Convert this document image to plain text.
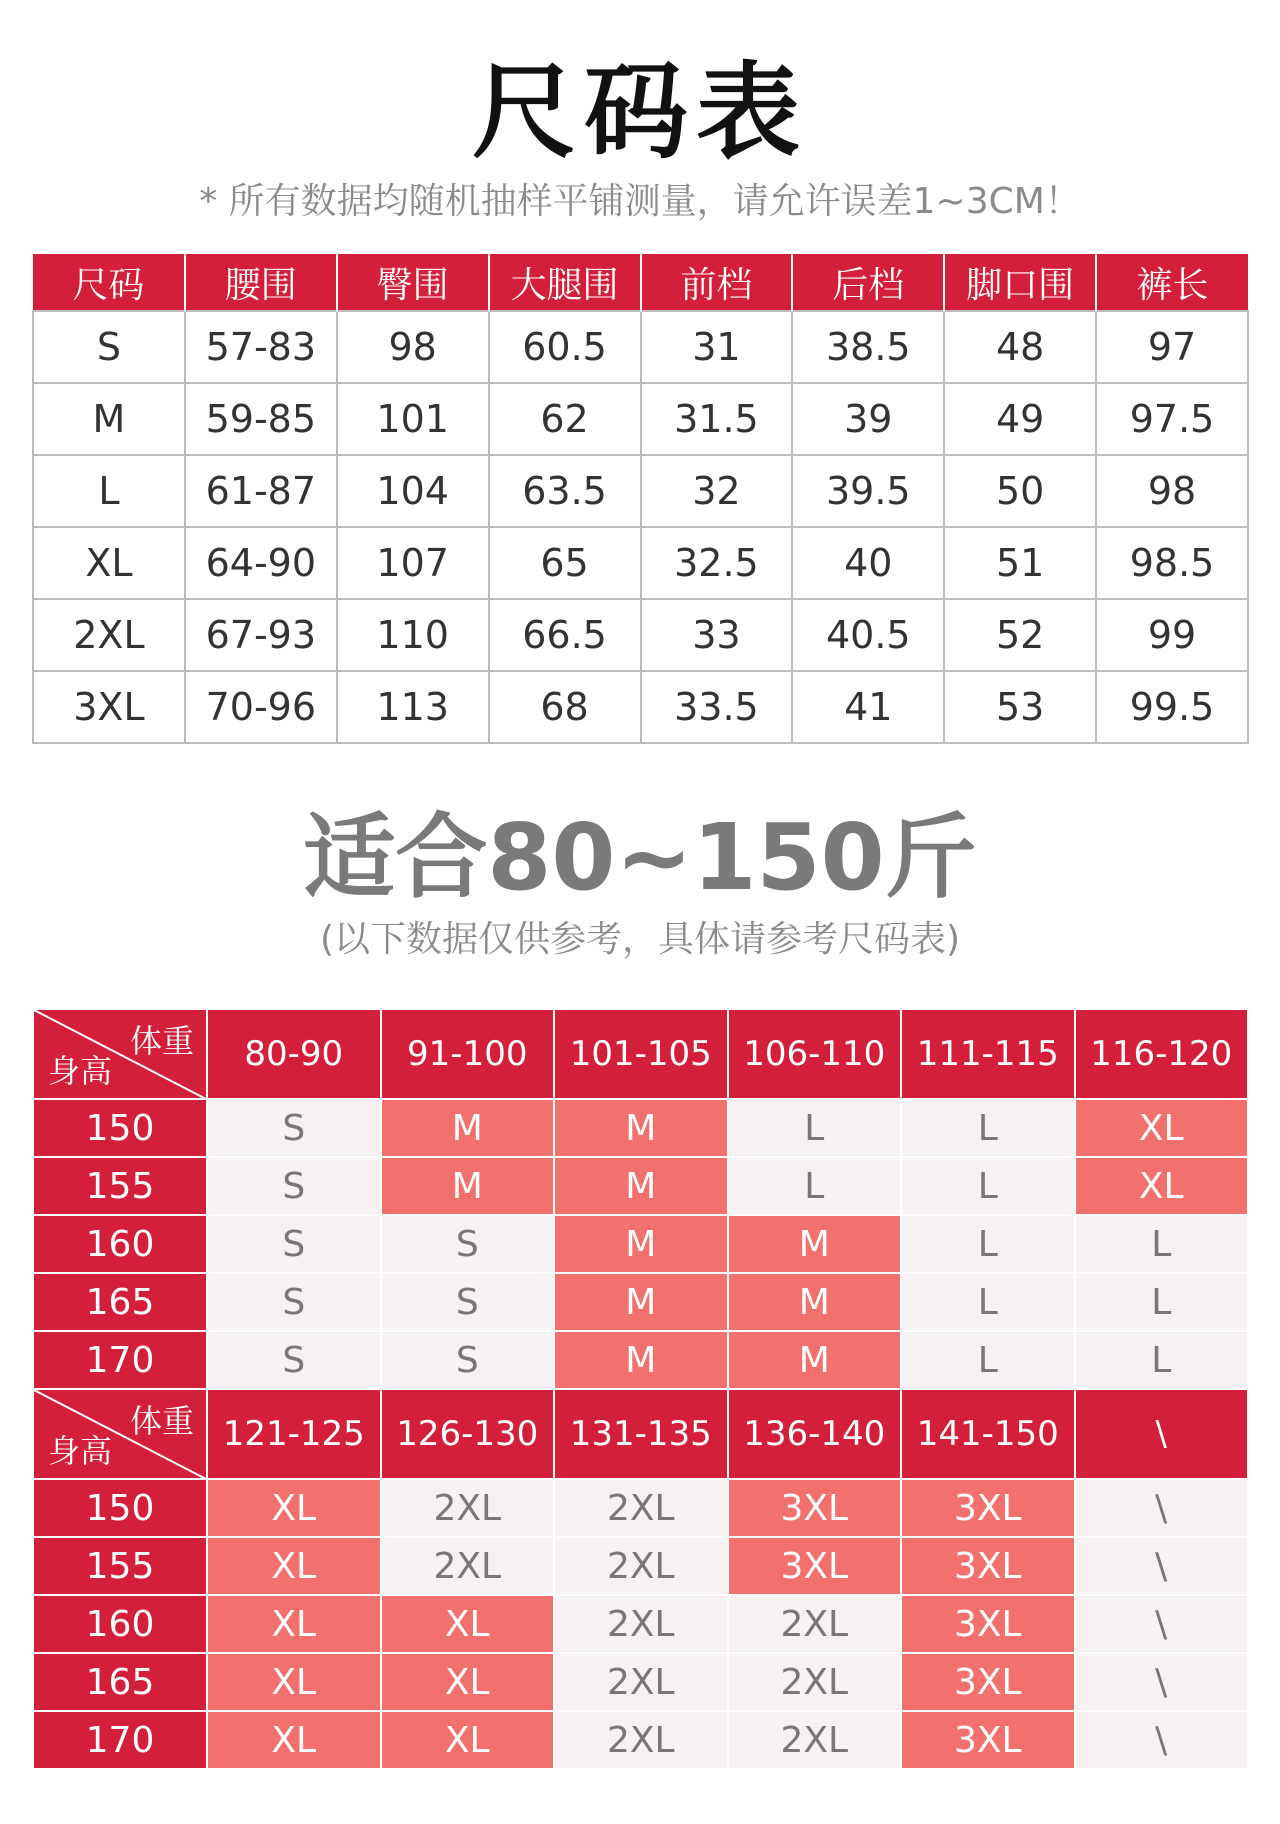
尺码表
* 所有数据均随机抽样平铺测量，请允许误差1~3CM！
尺码	腰围	臀围	大腿围	前档	后档	脚口围	裤长
S	57-83	98	60.5	31	38.5	48	97
M	59-85	101	62	31.5	39	49	97.5
L	61-87	104	63.5	32	39.5	50	98
XL	64-90	107	65	32.5	40	51	98.5
2XL	67-93	110	66.5	33	40.5	52	99
3XL	70-96	113	68	33.5	41	53	99.5
适合80~150斤
(以下数据仅供参考，具体请参考尺码表)
体重
身高	80-90	91-100	101-105	106-110	111-115	116-120
150	S	M	M	L	L	XL
155	S	M	M	L	L	XL
160	S	S	M	M	L	L
165	S	S	M	M	L	L
170	S	S	M	M	L	L

体重
身高	121-125	126-130	131-135	136-140	141-150	\
150	XL	2XL	2XL	3XL	3XL	\
155	XL	2XL	2XL	3XL	3XL	\
160	XL	XL	2XL	2XL	3XL	\
165	XL	XL	2XL	2XL	3XL	\
170	XL	XL	2XL	2XL	3XL	\
